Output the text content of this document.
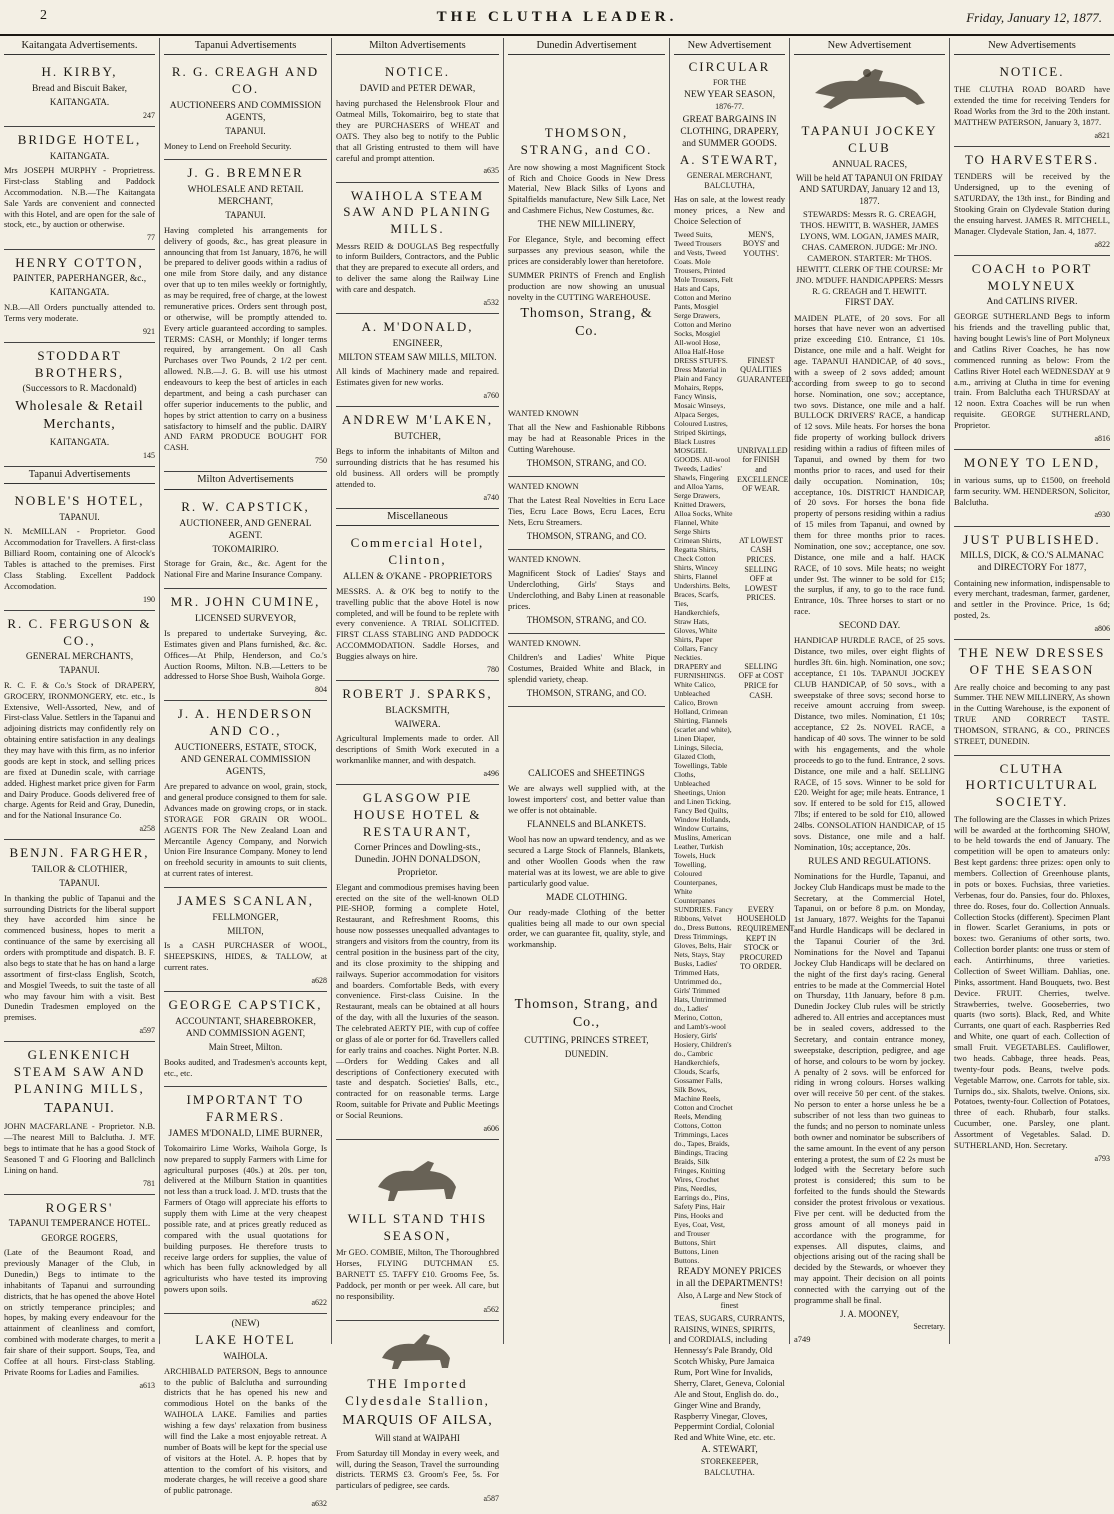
2	THE CLUTHA LEADER.	Friday, January 12, 1877.
Kaitangata Advertisements.
H. KIRBY,
Bread and Biscuit Baker,
KAITANGATA.
247
BRIDGE HOTEL,
KAITANGATA.
Mrs JOSEPH MURPHY - Proprietress. First-class Stabling and Paddock Accommodation. N.B.—The Kaitangata Sale Yards are convenient and connected with this Hotel, and are open for the sale of stock, etc., by auction or otherwise.
77
HENRY COTTON,
PAINTER, PAPERHANGER, &c.,
KAITANGATA.
N.B.—All Orders punctually attended to. Terms very moderate.
921
STODDART BROTHERS,
(Successors to R. Macdonald)
Wholesale & Retail Merchants,
KAITANGATA.
145
Tapanui Advertisements
NOBLE'S HOTEL,
TAPANUI.
N. McMILLAN - Proprietor. Good Accommodation for Travellers. A first-class Billiard Room, containing one of Alcock's Tables is attached to the premises. First Class Stabling. Excellent Paddock Accomodation.
190
R. C. FERGUSON & CO.,
GENERAL MERCHANTS,
TAPANUI.
R. C. F. & Co.'s Stock of DRAPERY, GROCERY, IRONMONGERY, etc. etc., Is Extensive, Well-Assorted, New, and of First-class Value. Settlers in the Tapanui and adjoining districts may confidently rely on obtaining entire satisfaction in any dealings they may have with this firm, as no inferior goods are kept in stock, and selling prices are fixed at Dunedin scale, with carriage added. Highest market price given for Farm and Dairy Produce. Goods delivered free of charge. Agents for Reid and Gray, Dunedin, and for the National Insurance Co.
a258
BENJN. FARGHER,
TAILOR & CLOTHIER,
TAPANUI.
In thanking the public of Tapanui and the surrounding Districts for the liberal support they have accorded him since he commenced business, hopes to merit a continuance of the same by exercising all orders with promptitude and dispatch. B. F. also begs to state that he has on hand a large assortment of first-class English, Scotch, and Mosgiel Tweeds, to suit the taste of all who may favour him with a visit. Best Dunedin Tradesmen employed on the premises.
a597
GLENKENICH STEAM SAW AND PLANING MILLS,
TAPANUI.
JOHN MACFARLANE - Proprietor. N.B.—The nearest Mill to Balclutha. J. M'F. begs to intimate that he has a good Stock of Seasoned T and G Flooring and Ballclinch Lining on hand.
781
ROGERS'
TAPANUI TEMPERANCE HOTEL.
GEORGE ROGERS,
(Late of the Beaumont Road, and previously Manager of the Club, in Dunedin,) Begs to intimate to the inhabitants of Tapanui and surrounding districts, that he has opened the above Hotel on strictly temperance principles; and hopes, by making every endeavour for the attainment of cleanliness and comfort, combined with moderate charges, to merit a fair share of their support. Soups, Tea, and Coffee at all hours. First-class Stabling. Private Rooms for Ladies and Families.
a613
Tapanui Advertisements
R. G. CREAGH AND CO.
AUCTIONEERS AND COMMISSION AGENTS,
TAPANUI.
Money to Lend on Freehold Security.
J. G. BREMNER
WHOLESALE AND RETAIL MERCHANT,
TAPANUI.
Having completed his arrangements for delivery of goods, &c., has great pleasure in announcing that from 1st January, 1876, he will be prepared to deliver goods within a radius of one mile from Store daily, and any distance over that up to ten miles weekly or fortnightly, as may be required, free of charge, at the lowest remunerative prices. Orders sent through post, or otherwise, will be promptly attended to. Every article guaranteed according to samples. TERMS: CASH, or Monthly; if longer terms required, by arrangement. On all Cash Purchases over Two Pounds, 2 1/2 per cent. allowed. N.B.—J. G. B. will use his utmost endeavours to keep the best of articles in each department, and being a cash purchaser can offer superior inducements to the public, and hopes by strict attention to carry on a business satisfactory to himself and the public. DAIRY AND FARM PRODUCE BOUGHT FOR CASH.
750
Milton Advertisements
R. W. CAPSTICK,
AUCTIONEER, AND GENERAL AGENT.
TOKOMAIRIRO.
Storage for Grain, &c., &c. Agent for the National Fire and Marine Insurance Company.
MR. JOHN CUMINE,
LICENSED SURVEYOR,
Is prepared to undertake Surveying, &c. Estimates given and Plans furnished, &c. &c. Offices—At Philp, Henderson, and Co.'s Auction Rooms, Milton. N.B.—Letters to be addressed to Horse Shoe Bush, Waihola Gorge.
804
J. A. HENDERSON AND CO.,
AUCTIONEERS, ESTATE, STOCK, AND GENERAL COMMISSION AGENTS,
Are prepared to advance on wool, grain, stock, and general produce consigned to them for sale. Advances made on growing crops, or in stack. STORAGE FOR GRAIN OR WOOL. AGENTS FOR The New Zealand Loan and Mercantile Agency Company, and Norwich Union Fire Insurance Company. Money to lend on freehold security in amounts to suit clients, at current rates of interest.
JAMES SCANLAN,
FELLMONGER,
MILTON,
Is a CASH PURCHASER of WOOL, SHEEPSKINS, HIDES, & TALLOW, at current rates.
a628
GEORGE CAPSTICK,
ACCOUNTANT, SHAREBROKER, AND COMMISSION AGENT,
Main Street, Milton.
Books audited, and Tradesmen's accounts kept, etc., etc.
IMPORTANT TO FARMERS.
JAMES M'DONALD, LIME BURNER,
Tokomairiro Lime Works, Waihola Gorge, Is now prepared to supply Farmers with Lime for agricultural purposes (40s.) at 20s. per ton, delivered at the Milburn Station in quantities not less than a truck load. J. M'D. trusts that the Farmers of Otago will appreciate his efforts to supply them with Lime at the very cheapest possible rate, and at prices greatly reduced as compared with the usual quotations for building purposes. He therefore trusts to receive large orders for supplies, the value of which has been fully acknowledged by all agriculturists who have tested its improving powers upon soils.
a622
(NEW)
LAKE HOTEL
WAIHOLA.
ARCHIBALD PATERSON, Begs to announce to the public of Balclutha and surrounding districts that he has opened his new and commodious Hotel on the banks of the WAIHOLA LAKE. Families and parties wishing a few days' relaxation from business will find the Lake a most enjoyable retreat. A number of Boats will be kept for the special use of visitors at the Hotel. A. P. hopes that by attention to the comfort of his visitors, and moderate charges, he will receive a good share of public patronage.
a632
Milton Advertisements
NOTICE.
DAVID and PETER DEWAR,
having purchased the Helensbrook Flour and Oatmeal Mills, Tokomairiro, beg to state that they are PURCHASERS of WHEAT and OATS. They also beg to notify to the Public that all Gristing entrusted to them will have careful and prompt attention.
a635
WAIHOLA STEAM SAW AND PLANING MILLS.
Messrs REID & DOUGLAS Beg respectfully to inform Builders, Contractors, and the Public that they are prepared to execute all orders, and to deliver the same along the Railway Line with care and despatch.
a532
A. M'DONALD,
ENGINEER,
MILTON STEAM SAW MILLS, MILTON.
All kinds of Machinery made and repaired. Estimates given for new works.
a760
ANDREW M'LAKEN,
BUTCHER,
Begs to inform the inhabitants of Milton and surrounding districts that he has resumed his old business. All orders will be promptly attended to.
a740
Miscellaneous
Commercial Hotel, Clinton,
ALLEN & O'KANE - PROPRIETORS
MESSRS. A. & O'K beg to notify to the travelling public that the above Hotel is now completed, and will be found to be replete with every convenience. A TRIAL SOLICITED. FIRST CLASS STABLING AND PADDOCK ACCOMMODATION. Saddle Horses, and Buggies always on hire.
780
ROBERT J. SPARKS,
BLACKSMITH,
WAIWERA.
Agricultural Implements made to order. All descriptions of Smith Work executed in a workmanlike manner, and with despatch.
a496
GLASGOW PIE HOUSE HOTEL & RESTAURANT,
Corner Princes and Dowling-sts., Dunedin. JOHN DONALDSON, Proprietor.
Elegant and commodious premises having been erected on the site of the well-known OLD PIE-SHOP, forming a complete Hotel, Restaurant, and Refreshment Rooms, this house now possesses unequalled advantages to strangers and visitors from the country, from its central position in the business part of the city, and its close proximity to the shipping and railways. Superior accommodation for visitors and boarders. Comfortable Beds, with every convenience. First-class Cuisine. In the Restaurant, meals can be obtained at all hours of the day, with all the luxuries of the season. The celebrated AERTY PIE, with cup of coffee or glass of ale or porter for 6d. Travellers called for early trains and coaches. Night Porter. N.B.—Orders for Wedding Cakes and all descriptions of Confectionery executed with taste and despatch. Societies' Balls, etc., contracted for on reasonable terms. Large Room, suitable for Private and Public Meetings or Social Reunions.
a606
WILL STAND THIS SEASON,
Mr GEO. COMBIE, Milton, The Thoroughbred Horses, FLYING DUTCHMAN £5. BARNETT £5. TAFFY £10. Grooms Fee, 5s. Paddock, per month or per week. All care, but no responsibility.
a562
THE Imported Clydesdale Stallion,
MARQUIS OF AILSA,
Will stand at WAIPAHI
From Saturday till Monday in every week, and will, during the Season, Travel the surrounding districts. TERMS £3. Groom's Fee, 5s. For particulars of pedigree, see cards.
a587
Dunedin Advertisement
THOMSON, STRANG, and CO.
Are now showing a most Magnificent Stock of Rich and Choice Goods in New Dress Material, New Black Silks of Lyons and Spitalfields manufacture, New Silk Lace, Net and Cashmere Fichus, New Costumes, &c.
THE NEW MILLINERY,
For Elegance, Style, and becoming effect surpasses any previous season, while the prices are considerably lower than heretofore.
SUMMER PRINTS of French and English production are now showing an unusual novelty in the CUTTING WAREHOUSE.
Thomson, Strang, & Co.
WANTED KNOWN
That all the New and Fashionable Ribbons may be had at Reasonable Prices in the Cutting Warehouse.
THOMSON, STRANG, and CO.
WANTED KNOWN
That the Latest Real Novelties in Ecru Lace Ties, Ecru Lace Bows, Ecru Laces, Ecru Nets, Ecru Streamers.
THOMSON, STRANG, and CO.
WANTED KNOWN.
Magnificent Stock of Ladies' Stays and Underclothing, Girls' Stays and Underclothing, and Baby Linen at reasonable prices.
THOMSON, STRANG, and CO.
WANTED KNOWN.
Children's and Ladies' White Pique Costumes, Braided White and Black, in splendid variety, cheap.
THOMSON, STRANG, and CO.
CALICOES and SHEETINGS
We are always well supplied with, at the lowest importers' cost, and better value than we offer is not obtainable.
FLANNELS and BLANKETS.
Wool has now an upward tendency, and as we secured a Large Stock of Flannels, Blankets, and other Woollen Goods when the raw material was at its lowest, we are able to give particularly good value.
MADE CLOTHING.
Our ready-made Clothing of the better qualities being all made to our own special order, we can guarantee fit, quality, style, and workmanship.
Thomson, Strang, and Co.,
CUTTING, PRINCES STREET,
DUNEDIN.
New Advertisement
CIRCULAR
FOR THE
NEW YEAR SEASON,
1876-77.
GREAT BARGAINS IN CLOTHING, DRAPERY, and SUMMER GOODS.
A. STEWART,
GENERAL MERCHANT,
BALCLUTHA,
Has on sale, at the lowest ready money prices, a New and Choice Selection of
Tweed Suits, Tweed Trousers and Vests, Tweed Coats. Mole Trousers, Printed Mole Trousers, Felt Hats and Caps, Cotton and Merino Pants, Mosgiel Serge Drawers, Cotton and Merino Socks, Mosgiel All-wool Hose, Alloa Half-Hose
MEN'S, BOYS' and YOUTHS'.
DRESS STUFFS. Dress Material in Plain and Fancy Mohairs, Repps, Fancy Winsis, Mosaic Winseys, Alpaca Serges, Coloured Lustres, Striped Skirtings, Black Lustres
FINEST QUALITIES GUARANTEED.
MOSGIEL GOODS. All-wool Tweeds, Ladies' Shawls, Fingering and Alloa Yarns, Serge Drawers, Knitted Drawers, Alloa Socks, White Flannel, White Serge Shirts
UNRIVALLED for FINISH and EXCELLENCE OF WEAR.
Crimean Shirts, Regatta Shirts, Check Cotton Shirts, Wincey Shirts, Flannel Undershirts. Belts, Braces, Scarfs, Ties, Handkerchiefs, Straw Hats, Gloves, White Shirts, Paper Collars, Fancy Neckties.
AT LOWEST CASH PRICES. SELLING OFF at LOWEST PRICES.
DRAPERY and FURNISHINGS. White Calico, Unbleached Calico, Brown Holland, Crimean Shirting, Flannels (scarlet and white), Linen Diaper, Linings, Silecia, Glazed Cloth, Towellings, Table Cloths, Unbleached Sheetings, Union and Linen Ticking, Fancy Bed Quilts, Window Hollands, Window Curtains, Muslins, American Leather, Turkish Towels, Huck Towelling, Coloured Counterpanes, White Counterpanes
SELLING OFF at COST PRICE for CASH.
SUNDRIES. Fancy Ribbons, Velvet do., Dress Buttons, Dress Trimmings, Gloves, Belts, Hair Nets, Stays, Stay Busks, Ladies' Trimmed Hats, Untrimmed do., Girls' Trimmed Hats, Untrimmed do., Ladies' Merino, Cotton, and Lamb's-wool Hosiery, Girls' Hosiery, Children's do., Cambric Handkerchiefs, Clouds, Scarfs, Gossamer Falls, Silk Bows, Machine Reels, Cotton and Crochet Reels, Mending Cottons, Cotton Trimmings, Laces do., Tapes, Braids, Bindings, Tracing Braids, Silk Fringes, Knitting Wires, Crochet Pins, Needles, Earrings do., Pins, Safety Pins, Hair Pins, Hooks and Eyes, Coat, Vest, and Trouser Buttons, Shirt Buttons, Linen Buttons.
EVERY HOUSEHOLD REQUIREMENT KEPT IN STOCK or PROCURED TO ORDER.
READY MONEY PRICES in all the DEPARTMENTS!
Also, A Large and New Stock of finest
TEAS, SUGARS, CURRANTS, RAISINS, WINES, SPIRITS, and CORDIALS, including Hennessy's Pale Brandy, Old Scotch Whisky, Pure Jamaica Rum, Port Wine for Invalids, Sherry, Claret, Geneva, Colonial Ale and Stout, English do. do., Ginger Wine and Brandy, Raspberry Vinegar, Cloves, Peppermint Cordial, Colonial Red and White Wine, etc. etc.
A. STEWART,
STOREKEEPER,
BALCLUTHA.
New Advertisement
TAPANUI JOCKEY CLUB
ANNUAL RACES,
Will be held AT TAPANUI ON FRIDAY AND SATURDAY, January 12 and 13, 1877.
STEWARDS: Messrs R. G. CREAGH, THOS. HEWITT, B. WASHER, JAMES LYONS, WM. LOGAN, JAMES MAIR, CHAS. CAMERON. JUDGE: Mr JNO. CAMERON. STARTER: Mr THOS. HEWITT. CLERK OF THE COURSE: Mr JNO. M'DUFF. HANDICAPPERS: Messrs R. G. CREAGH and T. HEWITT.
FIRST DAY.
MAIDEN PLATE, of 20 sovs. For all horses that have never won an advertised prize exceeding £10. Entrance, £1 10s. Distance, one mile and a half. Weight for age. TAPANUI HANDICAP, of 40 sovs., with a sweep of 2 sovs added; amount according from sweep to go to second horse. Nomination, one sov.; acceptance, two sovs. Distance, one mile and a half. BULLOCK DRIVERS' RACE, a handicap of 12 sovs. Mile heats. For horses the bona fide property of working bullock drivers residing within a radius of fifteen miles of Tapanui, and owned by them for two months prior to races, and used for their daily occupation. Nomination, 10s; acceptance, 10s. DISTRICT HANDICAP, of 20 sovs. For horses the bona fide property of persons residing within a radius of 15 miles from Tapanui, and owned by them for three months prior to races. Nomination, one sov.; acceptance, one sov. Distance, one mile and a half. HACK RACE, of 10 sovs. Mile heats; no weight under 9st. The winner to be sold for £15; the surplus, if any, to go to the race fund. Entrance, 10s. Three horses to start or no race.
SECOND DAY.
HANDICAP HURDLE RACE, of 25 sovs. Distance, two miles, over eight flights of hurdles 3ft. 6in. high. Nomination, one sov.; acceptance, £1 10s. TAPANUI JOCKEY CLUB HANDICAP, of 50 sovs., with a sweepstake of three sovs; second horse to receive amount accruing from sweep. Distance, two miles. Nomination, £1 10s; acceptance, £2 2s. NOVEL RACE, a handicap of 40 sovs. The winner to be sold with his engagements, and the whole proceeds to go to the fund. Entrance, 2 sovs. Distance, one mile and a half. SELLING RACE, of 15 sovs. Winner to be sold for £20. Weight for age; mile heats. Entrance, 1 sov. If entered to be sold for £15, allowed 7lbs; if entered to be sold for £10, allowed 24lbs. CONSOLATION HANDICAP, of 15 sovs. Distance, one mile and a half. Nomination, 10s; acceptance, 20s.
RULES AND REGULATIONS.
Nominations for the Hurdle, Tapanui, and Jockey Club Handicaps must be made to the Secretary, at the Commercial Hotel, Tapanui, on or before 8 p.m. on Monday, 1st January, 1877. Weights for the Tapanui and Hurdle Handicaps will be declared in the Tapanui Courier of the 3rd. Nominations for the Novel and Tapanui Jockey Club Handicaps will be declared on the night of the first day's racing. General entries to be made at the Commercial Hotel on Thursday, 11th January, before 8 p.m. Dunedin Jockey Club rules will be strictly adhered to. All entries and acceptances must be in sealed covers, addressed to the Secretary, and contain entrance money, sweepstake, description, pedigree, and age of horse, and colours to be worn by jockey. A penalty of 2 sovs. will be enforced for riding in wrong colours. Horses walking over will receive 50 per cent. of the stakes. No person to enter a horse unless he be a subscriber of not less than two guineas to the funds; and no person to nominate unless both owner and nominator be subscribers of the same amount. In the event of any person entering a protest, the sum of £2 2s must be lodged with the Secretary before such protest is considered; this sum to be forfeited to the funds should the Stewards consider the protest frivolous or vexatious. Five per cent. will be deducted from the gross amount of all moneys paid in accordance with the programme, for expenses. All disputes, claims, and objections arising out of the racing shall be decided by the Stewards, or whoever they may appoint. Their decision on all points connected with the carrying out of the programme shall be final.
J. A. MOONEY,
Secretary.
a749
New Advertisements
NOTICE.
THE CLUTHA ROAD BOARD have extended the time for receiving Tenders for Road Works from the 3rd to the 20th instant. MATTHEW PATERSON, January 3, 1877.
a821
TO HARVESTERS.
TENDERS will be received by the Undersigned, up to the evening of SATURDAY, the 13th inst., for Binding and Stooking Grain on Clydevale Station during the ensuing harvest. JAMES R. MITCHELL, Manager. Clydevale Station, Jan. 4, 1877.
a822
COACH to PORT MOLYNEUX
And CATLINS RIVER.
GEORGE SUTHERLAND Begs to inform his friends and the travelling public that, having bought Lewis's line of Port Molyneux and Catlins River Coaches, he has now commenced running as below: From the Catlins River Hotel each WEDNESDAY at 9 a.m., arriving at Clutha in time for evening train. From Balclutha each THURSDAY at 12 noon. Extra Coaches will be run when requisite. GEORGE SUTHERLAND, Proprietor.
a816
MONEY TO LEND,
in various sums, up to £1500, on freehold farm security. WM. HENDERSON, Solicitor, Balclutha.
a930
JUST PUBLISHED.
MILLS, DICK, & CO.'S ALMANAC and DIRECTORY For 1877,
Containing new information, indispensable to every merchant, tradesman, farmer, gardener, and settler in the Province. Price, 1s 6d; posted, 2s.
a806
THE NEW DRESSES OF THE SEASON
Are really choice and becoming to any past Summer. THE NEW MILLINERY, As shown in the Cutting Warehouse, is the exponent of TRUE AND CORRECT TASTE. THOMSON, STRANG, & CO., PRINCES STREET, DUNEDIN.
CLUTHA HORTICULTURAL SOCIETY.
The following are the Classes in which Prizes will be awarded at the forthcoming SHOW, to be held towards the end of January. The competition will be open to amateurs only: Best kept gardens: three prizes: open only to members. Collection of Greenhouse plants, in pots or boxes. Fuchsias, three varieties. Verbenas, four do. Pansies, four do. Phloxes, three do. Roses, four do. Collection Annuals. Collection Stocks (different). Specimen Plant in flower. Scarlet Geraniums, in pots or boxes: two. Geraniums of other sorts, two. Collection border plants: one truss or stem of each. Antirrhinums, three varieties. Collection of Sweet William. Dahlias, one. Pinks, assortment. Hand Bouquets, two. Best Device. FRUIT. Cherries, twelve. Strawberries, twelve. Gooseberries, two quarts (two sorts). Black, Red, and White Currants, one quart of each. Raspberries Red and White, one quart of each. Collection of small Fruit. VEGETABLES. Cauliflower, two heads. Cabbage, three heads. Peas, twenty-four pods. Beans, twelve pods. Vegetable Marrow, one. Carrots for table, six. Turnips do., six. Shalots, twelve. Onions, six. Potatoes, twenty-four. Collection of Potatoes, three of each. Rhubarb, four stalks. Cucumber, one. Parsley, one plant. Assortment of Vegetables. Salad. D. SUTHERLAND, Hon. Secretary.
a793
